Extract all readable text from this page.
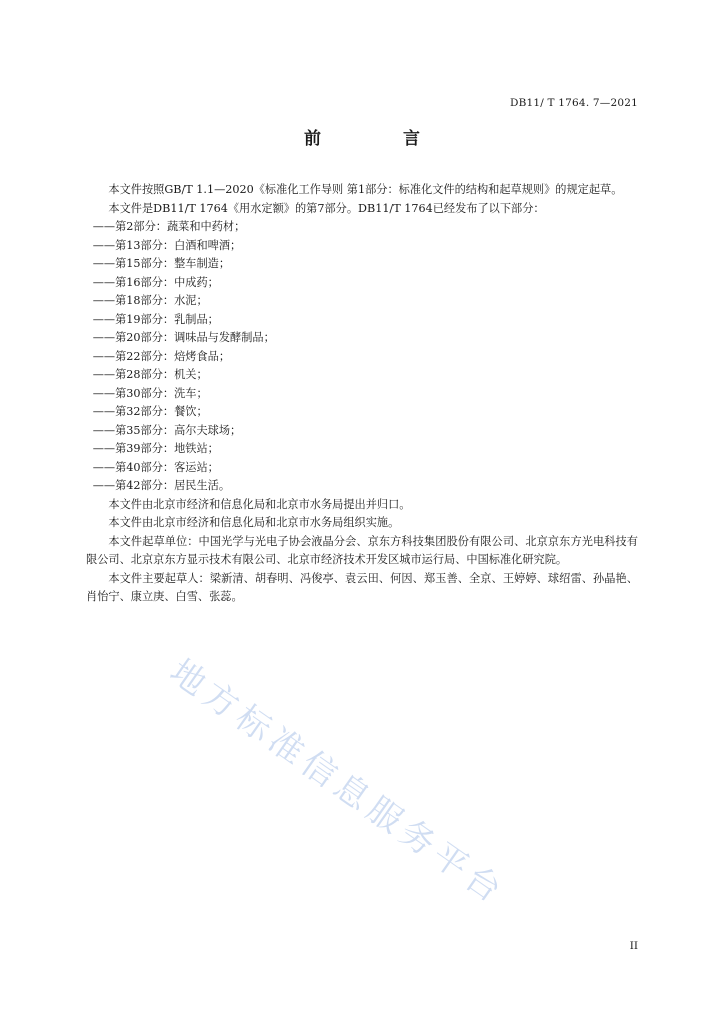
DB11/ T 1764. 7—2021
前 言

本文件按照GB/T 1.1—2020《标准化工作导则 第1部分：标准化文件的结构和起草规则》的规定起草。

本文件是DB11/T 1764《用水定额》的第7部分。DB11/T 1764已经发布了以下部分：

——第2部分：蔬菜和中药材；

——第13部分：白酒和啤酒；

——第15部分：整车制造；

——第16部分：中成药；

——第18部分：水泥；

——第19部分：乳制品；

——第20部分：调味品与发酵制品；

——第22部分：焙烤食品；

——第28部分：机关；

——第30部分：洗车；

——第32部分：餐饮；

——第35部分：高尔夫球场；

——第39部分：地铁站；

——第40部分：客运站；

——第42部分：居民生活。

本文件由北京市经济和信息化局和北京市水务局提出并归口。

本文件由北京市经济和信息化局和北京市水务局组织实施。

本文件起草单位：中国光学与光电子协会液晶分会、京东方科技集团股份有限公司、北京京东方光电科技有限公司、北京京东方显示技术有限公司、北京市经济技术开发区城市运行局、中国标准化研究院。

本文件主要起草人：梁新清、胡春明、冯俊亭、袁云田、何因、郑玉善、全京、王婷婷、球绍雷、孙晶艳、肖怡宁、康立庚、白雪、张蕊。

地方标准信息服务平台
II
